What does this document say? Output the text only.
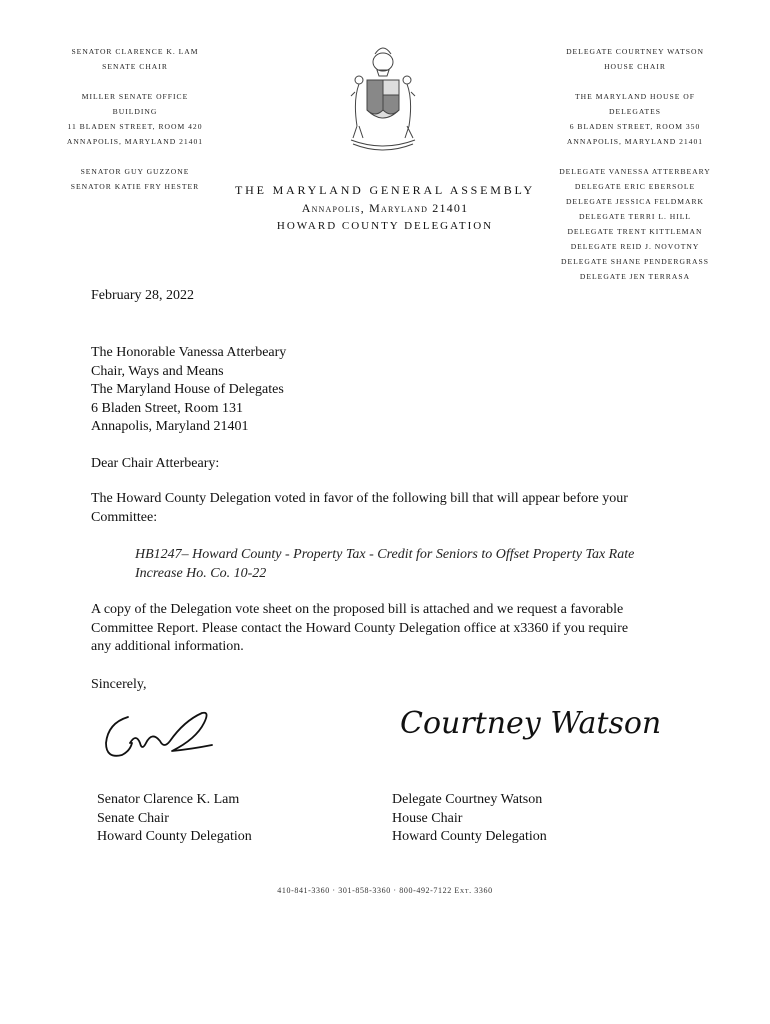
SENATOR CLARENCE K. LAM
SENATE CHAIR
MILLER SENATE OFFICE BUILDING
11 BLADEN STREET, ROOM 420
ANNAPOLIS, MARYLAND 21401
SENATOR GUY GUZZONE
SENATOR KATIE FRY HESTER
DELEGATE COURTNEY WATSON
HOUSE CHAIR
THE MARYLAND HOUSE OF DELEGATES
6 BLADEN STREET, ROOM 350
ANNAPOLIS, MARYLAND 21401
DELEGATE VANESSA ATTERBEARY
DELEGATE ERIC EBERSOLE
DELEGATE JESSICA FELDMARK
DELEGATE TERRI L. HILL
DELEGATE TRENT KITTLEMAN
DELEGATE REID J. NOVOTNY
DELEGATE SHANE PENDERGRASS
DELEGATE JEN TERRASA
THE MARYLAND GENERAL ASSEMBLY
Annapolis, Maryland 21401
HOWARD COUNTY DELEGATION
February 28, 2022
The Honorable Vanessa Atterbeary
Chair, Ways and Means
The Maryland House of Delegates
6 Bladen Street, Room 131
Annapolis, Maryland 21401
Dear Chair Atterbeary:
The Howard County Delegation voted in favor of the following bill that will appear before your
Committee:
HB1247– Howard County - Property Tax - Credit for Seniors to Offset Property Tax Rate
Increase Ho. Co. 10-22
A copy of the Delegation vote sheet on the proposed bill is attached and we request a favorable
Committee Report. Please contact the Howard County Delegation office at x3360 if you require
any additional information.
Sincerely,
Courtney Watson
Senator Clarence K. Lam
Senate Chair
Howard County Delegation
Delegate Courtney Watson
House Chair
Howard County Delegation
410-841-3360 · 301-858-3360 · 800-492-7122 Ext. 3360
